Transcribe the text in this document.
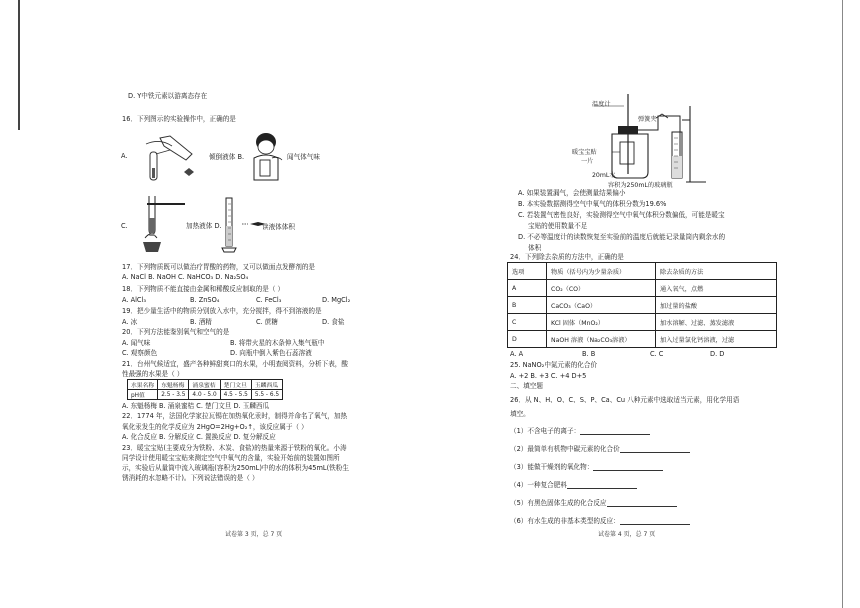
D. Y中铁元素以游离态存在
16．下列图示的实验操作中，正确的是
A.	倾倒液体 B.	闻气体气味
C.	加热液体 D.	读液体体积
17．下列物质既可以做治疗胃酸的药物，又可以做面点发酵剂的是
A. NaCl B. NaOH C. NaHCO₃ D. Na₂SO₄
18．下列物质不能直接由金属和稀酸反应制取的是（ ）
A. AlCl₃	B. ZnSO₄	C. FeCl₃	D. MgCl₂
19．把少量生活中的物质分别放入水中，充分搅拌，得不到溶液的是
A. 冰	B. 酒精	C. 蔗糖	D. 食盐
20．下列方法能鉴别氧气和空气的是
A. 闻气味	B. 将带火星的木条伸入集气瓶中
C. 观察颜色	D. 向瓶中倒入紫色石蕊溶液
21．台州气候适宜，盛产各种鲜甜爽口的水果，小明查阅资料，分析下表，酸
性最强的水果是（ ）
水果名称	东魁杨梅	涌泉蜜桔	楚门文旦	玉麟西瓜
pH值	2.5 - 3.5	4.0 - 5.0	4.5 - 5.5	5.5 - 6.5
A. 东魁杨梅 B. 涌泉蜜桔 C. 楚门文旦 D. 玉麟西瓜
22．1774 年，法国化学家拉瓦锡在加热氧化汞时，制得并命名了氧气，加热
氧化汞发生的化学反应为 2HgO=2Hg+O₂↑，该反应属于（ ）
A. 化合反应 B. 分解反应 C. 置换反应 D. 复分解反应
23．暖宝宝贴(主要成分为铁粉、木炭、食盐)的热量来源于铁粉的氧化。小涛
同学设计使用暖宝宝贴来测定空气中氧气的含量，实验开始前的装置如图所
示，实验后从量筒中流入玻璃瓶(容积为250mL)中的水的体积为45mL(铁粉生
锈消耗的水忽略不计)。下列说法错误的是（ ）
试卷第 3 页，总 7 页
温度计
弹簧夹
暖宝宝贴
一片
20mL水
容积为250mL的玻璃瓶
A. 如果装置漏气，会使测量结果偏小
B. 本实验数据测得空气中氧气的体积分数为19.6%
C. 若装置气密性良好，实验测得空气中氧气体积分数偏低，可能是暖宝
宝贴的使用数量不足
D. 不必等温度计的读数恢复至实验前的温度后就能记录量筒内剩余水的
体积
24．下列除去杂质的方法中，正确的是
选项	物质（括号内为少量杂质）	除去杂质的方法
A	CO₂（CO）	通入氧气，点燃
B	CaCO₃（CaO）	加过量的盐酸
C	KCl 固体（MnO₂）	加水溶解、过滤、蒸发滤液
D	NaOH 溶液（Na₂CO₃溶液）	加入过量氯化钙溶液，过滤
A. A	B. B	C. C	D. D
25. NaNO₂中氮元素的化合价
A. +2 B. +3 C. +4 D+5
二、填空题
26．从 N、H、O、C、S、P、Ca、Cu 八种元素中选取适当元素，用化学用语
填空。
（1）不含电子的离子：
（2）最简单有机物中碳元素的化合价
（3）能做干燥剂的氧化物：
（4）一种复合肥料
（5）有黑色固体生成的化合反应
（6）有水生成的非基本类型的反应：
试卷第 4 页，总 7 页
